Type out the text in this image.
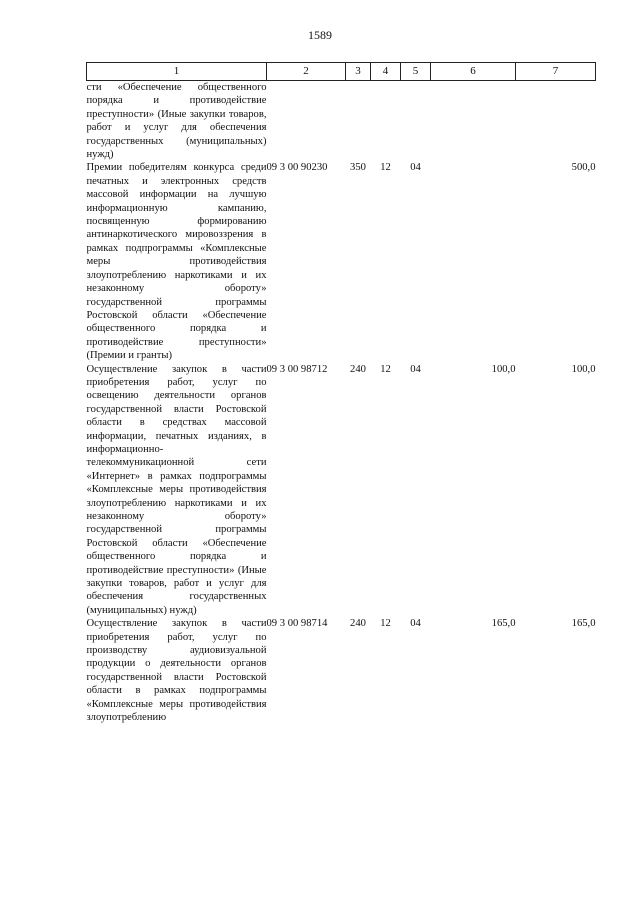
1589
1	2	3	4	5	6	7
сти «Обеспечение общественного порядка и противодействие преступности» (Иные закупки товаров, работ и услуг для обеспечения государственных (муниципальных) нужд)						
Премии победителям конкурса среди печатных и электронных средств массовой информации на лучшую информационную кампанию, посвященную формированию антинаркотического мировоззрения в рамках подпрограммы «Комплексные меры противодействия злоупотреблению наркотиками и их незаконному обороту» государственной программы Ростовской области «Обеспечение общественного порядка и противодействие преступности» (Премии и гранты)	09 3 00 90230	350	12	04		500,0
Осуществление закупок в части приобретения работ, услуг по освещению деятельности органов государственной власти Ростовской области в средствах массовой информации, печатных изданиях, в информационно-телекоммуникационной сети «Интернет» в рамках подпрограммы «Комплексные меры противодействия злоупотреблению наркотиками и их незаконному обороту» государственной программы Ростовской области «Обеспечение общественного порядка и противодействие преступности» (Иные закупки товаров, работ и услуг для обеспечения государственных (муниципальных) нужд)	09 3 00 98712	240	12	04	100,0	100,0
Осуществление закупок в части приобретения работ, услуг по производству аудиовизуальной продукции о деятельности органов государственной власти Ростовской области в рамках подпрограммы «Комплексные меры противодействия злоупотреблению	09 3 00 98714	240	12	04	165,0	165,0
